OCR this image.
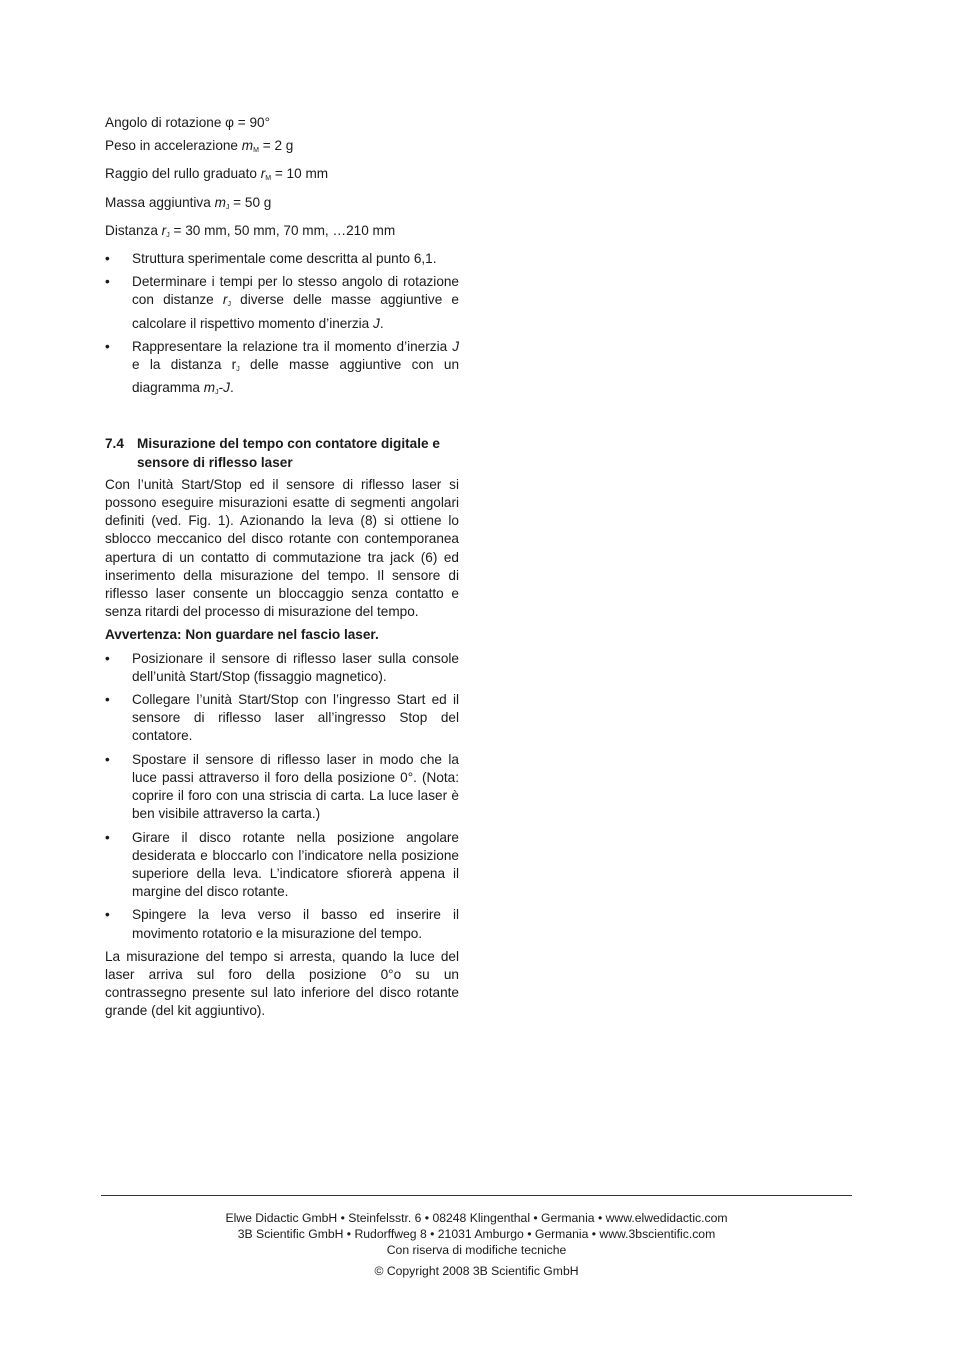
Angolo di rotazione φ = 90°
Peso in accelerazione $m_M = 2$ g
Raggio del rullo graduato $r_M = 10$ mm
Massa aggiuntiva $m_J = 50$ g
Distanza $r_J = 30$ mm, 50 mm, 70 mm, …210 mm
• Struttura sperimentale come descritta al punto 6,1.
• Determinare i tempi per lo stesso angolo di rotazione con distanze $r_J$ diverse delle masse aggiuntive e calcolare il rispettivo momento d’inerzia J.
• Rappresentare la relazione tra il momento d’inerzia J e la distanza $r_J$ delle masse aggiuntive con un diagramma $m_J-J$.
7.4 Misurazione del tempo con contatore digitale e sensore di riflesso laser

Con l’unità Start/Stop ed il sensore di riflesso laser si possono eseguire misurazioni esatte di segmenti angolari definiti (ved. Fig. 1). Azionando la leva (8) si ottiene lo sblocco meccanico del disco rotante con contemporanea apertura di un contatto di commutazione tra jack (6) ed inserimento della misurazione del tempo. Il sensore di riflesso laser consente un bloccaggio senza contatto e senza ritardi del processo di misurazione del tempo.

Avvertenza: Non guardare nel fascio laser.

• Posizionare il sensore di riflesso laser sulla console dell’unità Start/Stop (fissaggio magnetico).
• Collegare l’unità Start/Stop con l’ingresso Start ed il sensore di riflesso laser all’ingresso Stop del contatore.
• Spostare il sensore di riflesso laser in modo che la luce passi attraverso il foro della posizione 0°. (Nota: coprire il foro con una striscia di carta. La luce laser è ben visibile attraverso la carta.)
• Girare il disco rotante nella posizione angolare desiderata e bloccarlo con l’indicatore nella posizione superiore della leva. L’indicatore sfiorerà appena il margine del disco rotante.
• Spingere la leva verso il basso ed inserire il movimento rotatorio e la misurazione del tempo.

La misurazione del tempo si arresta, quando la luce del laser arriva sul foro della posizione 0°o su un contrassegno presente sul lato inferiore del disco rotante grande (del kit aggiuntivo).

Elwe Didactic GmbH • Steinfelsstr. 6 • 08248 Klingenthal • Germania • www.elwedidactic.com
3B Scientific GmbH • Rudorffweg 8 • 21031 Amburgo • Germania • www.3bscientific.com
Con riserva di modifiche tecniche
© Copyright 2008 3B Scientific GmbH
